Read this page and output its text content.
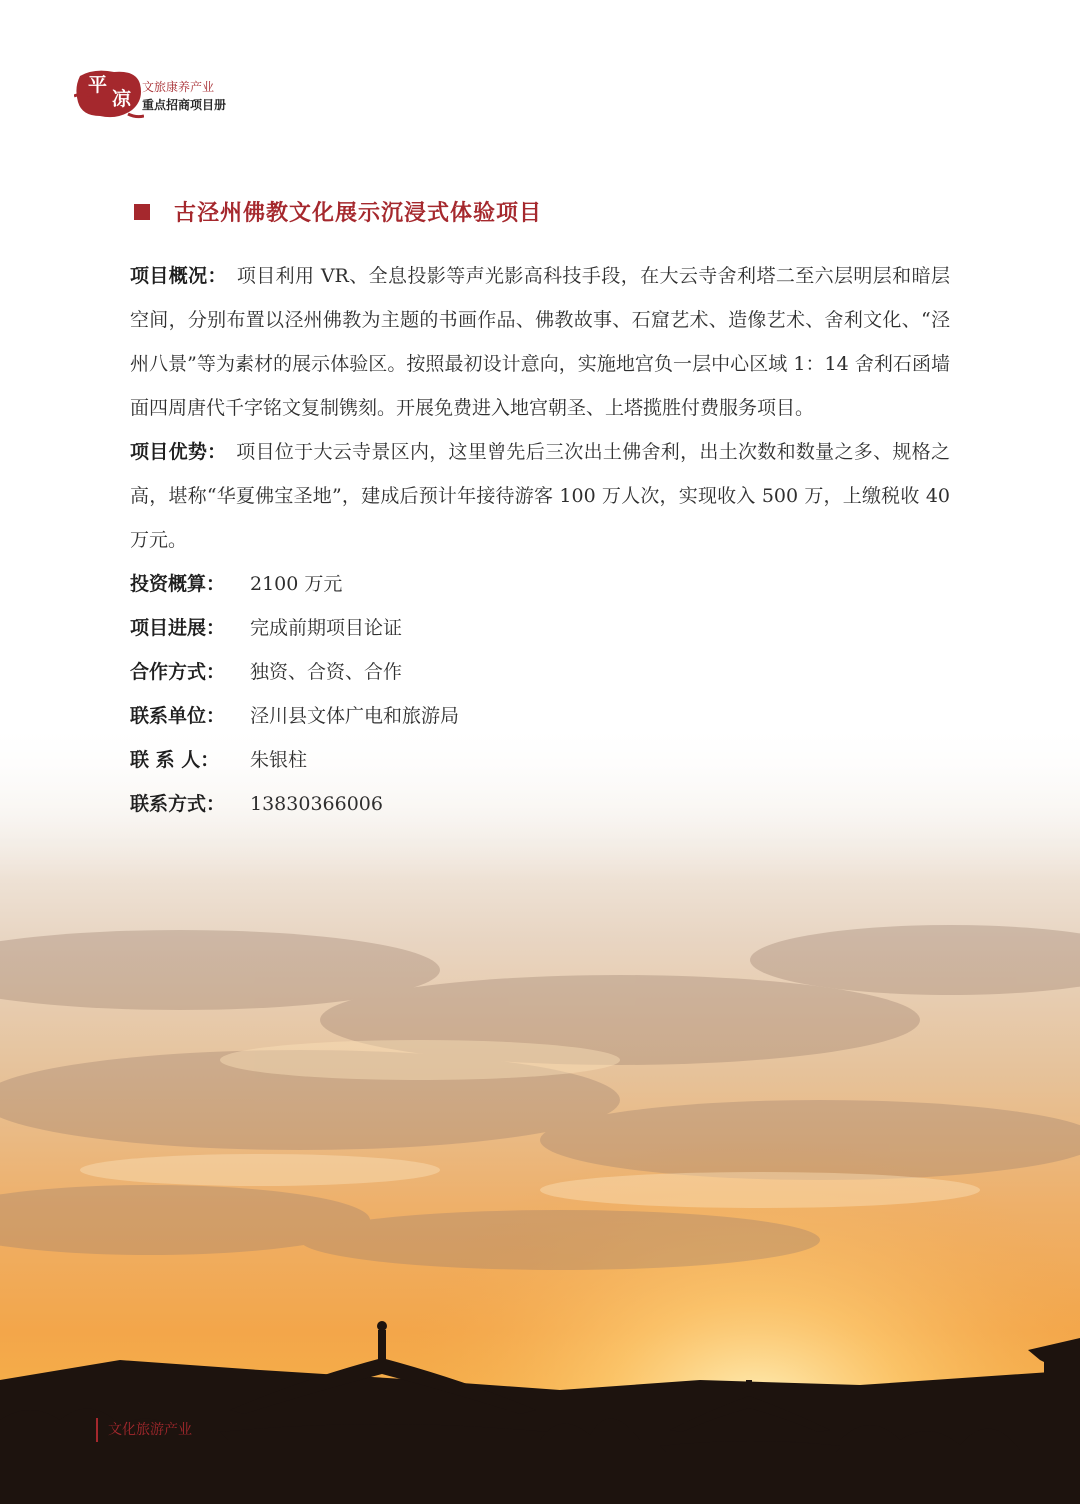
平
凉
文旅康养产业
重点招商项目册
古泾州佛教文化展示沉浸式体验项目

项目概况：　 项目利用 VR、全息投影等声光影高科技手段，在大云寺舍利塔二至六层明层和暗层空间，分别布置以泾州佛教为主题的书画作品、佛教故事、石窟艺术、造像艺术、舍利文化、“泾州八景”等为素材的展示体验区。按照最初设计意向，实施地宫负一层中心区域 1：14 舍利石函墙面四周唐代千字铭文复制镌刻。开展免费进入地宫朝圣、上塔揽胜付费服务项目。

项目优势：　 项目位于大云寺景区内，这里曾先后三次出土佛舍利，出土次数和数量之多、规格之高，堪称“华夏佛宝圣地”，建成后预计年接待游客 100 万人次，实现收入 500 万，上缴税收 40 万元。

投资概算：	2100 万元
项目进展：	完成前期项目论证
合作方式：	独资、合资、合作
联系单位：	泾川县文体广电和旅游局
联 系 人：	朱银柱
联系方式：	13830366006
文化旅游产业
